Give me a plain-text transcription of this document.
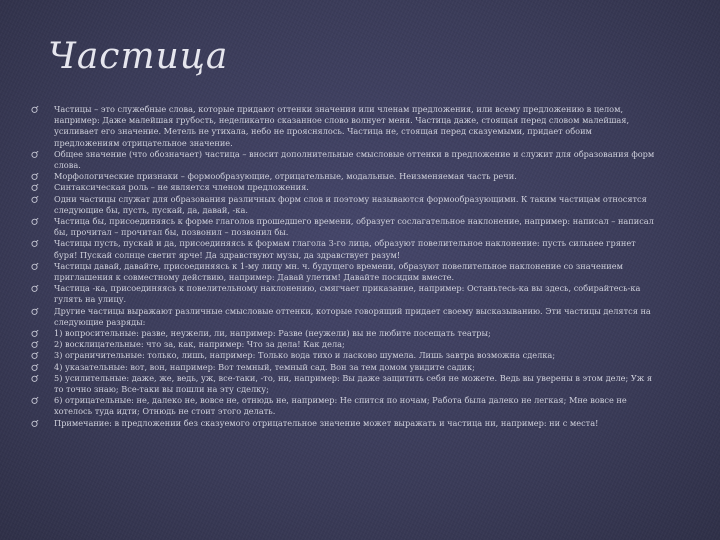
Частица
Частицы – это служебные слова, которые придают оттенки значения или членам предложения, или всему предложению в целом, например: Даже малейшая грубость, неделикатно сказанное слово волнует меня. Частица даже, стоящая перед словом малейшая, усиливает его значение. Метель не утихала, небо не прояснялось. Частица не, стоящая перед сказуемыми, придает обоим предложениям отрицательное значение.
Общее значение (что обозначает) частица – вносит дополнительные смысловые оттенки в предложение и служит для образования форм слова.
Морфологические признаки – формообразующие, отрицательные, модальные. Неизменяемая часть речи.
Синтаксическая роль – не является членом предложения.
Одни частицы служат для образования различных форм слов и поэтому называются формообразующими. К таким частицам относятся следующие бы, пусть, пускай, да, давай, -ка.
Частица бы, присоединяясь к форме глаголов прошедшего времени, образует сослагательное наклонение, например: написал – написал бы, прочитал – прочитал бы, позвонил – позвонил бы.
Частицы пусть, пускай и да, присоединяясь к формам глагола 3-го лица, образуют повелительное наклонение: пусть сильнее грянет буря! Пускай солнце светит ярче! Да здравствуют музы, да здравствует разум!
Частицы давай, давайте, присоединяясь к 1-му лицу мн. ч. будущего времени, образуют повелительное наклонение со значением приглашения к совместному действию, например: Давай улетим! Давайте посидим вместе.
Частица -ка, присоединяясь к повелительному наклонению, смягчает приказание, например: Останьтесь-ка вы здесь, собирайтесь-ка гулять на улицу.
Другие частицы выражают различные смысловые оттенки, которые говорящий придает своему высказыванию. Эти частицы делятся на следующие разряды:
1) вопросительные: разве, неужели, ли, например: Разве (неужели) вы не любите посещать театры;
2) восклицательные: что за, как, например: Что за дела! Как дела;
3) ограничительные: только, лишь, например: Только вода тихо и ласково шумела. Лишь завтра возможна сделка;
4) указательные: вот, вон, например: Вот темный, темный сад. Вон за тем домом увидите садик;
5) усилительные: даже, же, ведь, уж, все-таки, -то, ни, например: Вы даже защитить себя не можете. Ведь вы уверены в этом деле; Уж я то точно знаю; Все-таки вы пошли на эту сделку;
6) отрицательные: не, далеко не, вовсе не, отнюдь не, например: Не спится по ночам; Работа была далеко не легкая; Мне вовсе не хотелось туда идти; Отнюдь не стоит этого делать.
Примечание: в предложении без сказуемого отрицательное значение может выражать и частица ни, например: ни с места!
